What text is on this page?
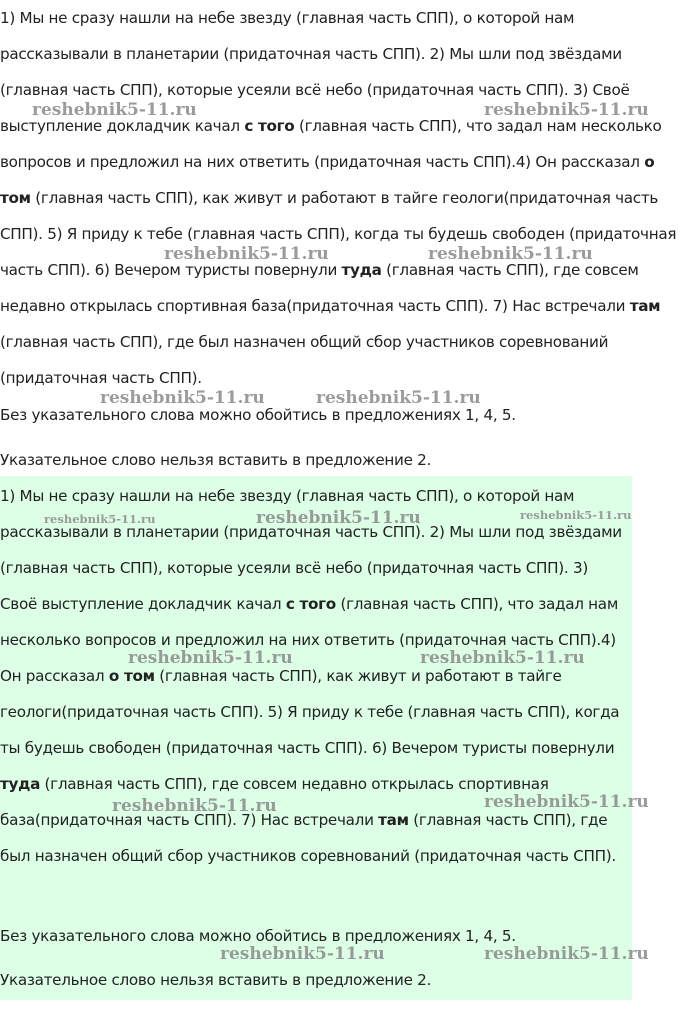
1) Мы не сразу нашли на небе звезду (главная часть СПП), о которой нам рассказывали в планетарии (придаточная часть СПП). 2) Мы шли под звёздами (главная часть СПП), которые усеяли всё небо (придаточная часть СПП). 3) Своё выступление докладчик качал с того (главная часть СПП), что задал нам несколько вопросов и предложил на них ответить (придаточная часть СПП).4) Он рассказал о том (главная часть СПП), как живут и работают в тайге геологи(придаточная часть СПП). 5) Я приду к тебе (главная часть СПП), когда ты будешь свободен (придаточная часть СПП). 6) Вечером туристы повернули туда (главная часть СПП), где совсем недавно открылась спортивная база(придаточная часть СПП). 7) Нас встречали там (главная часть СПП), где был назначен общий сбор участников соревнований (придаточная часть СПП).

Без указательного слова можно обойтись в предложениях 1, 4, 5.
Указательное слово нельзя вставить в предложение 2.

1) Мы не сразу нашли на небе звезду (главная часть СПП), о которой нам рассказывали в планетарии (придаточная часть СПП). 2) Мы шли под звёздами (главная часть СПП), которые усеяли всё небо (придаточная часть СПП). 3) Своё выступление докладчик качал с того (главная часть СПП), что задал нам несколько вопросов и предложил на них ответить (придаточная часть СПП).4) Он рассказал о том (главная часть СПП), как живут и работают в тайге геологи(придаточная часть СПП). 5) Я приду к тебе (главная часть СПП), когда ты будешь свободен (придаточная часть СПП). 6) Вечером туристы повернули туда (главная часть СПП), где совсем недавно открылась спортивная база(придаточная часть СПП). 7) Нас встречали там (главная часть СПП), где был назначен общий сбор участников соревнований (придаточная часть СПП).

Без указательного слова можно обойтись в предложениях 1, 4, 5.
Указательное слово нельзя вставить в предложение 2.
reshebnik5-11.ru	reshebnik5-11.ru
reshebnik5-11.ru	reshebnik5-11.ru
reshebnik5-11.ru	reshebnik5-11.ru
reshebnik5-11.ru	reshebnik5-11.ru	reshebnik5-11.ru
reshebnik5-11.ru	reshebnik5-11.ru
reshebnik5-11.ru	reshebnik5-11.ru
reshebnik5-11.ru	reshebnik5-11.ru
